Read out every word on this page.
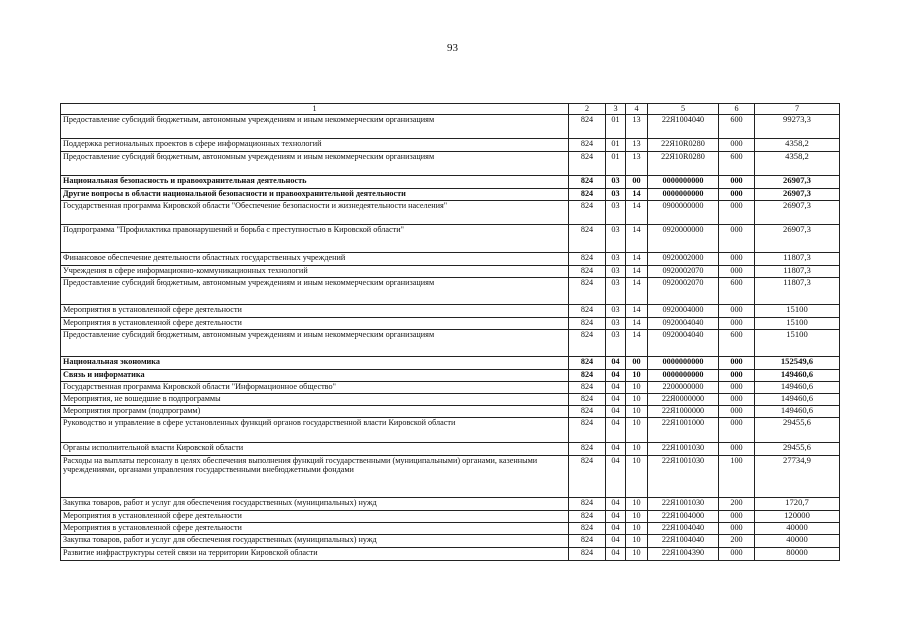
93
1	2	3	4	5	6	7
Предоставление субсидий бюджетным, автономным учреждениям и иным некоммерческим организациям	824	01	13	22Я1004040	600	99273,3
Поддержка региональных проектов в сфере информационных технологий	824	01	13	22Я10R0280	000	4358,2
Предоставление субсидий бюджетным, автономным учреждениям и иным некоммерческим организациям	824	01	13	22Я10R0280	600	4358,2
Национальная безопасность и правоохранительная деятельность	824	03	00	0000000000	000	26907,3
Другие вопросы в области национальной безопасности и правоохранительной деятельности	824	03	14	0000000000	000	26907,3
Государственная программа Кировской области "Обеспечение безопасности и жизнедеятельности населения"	824	03	14	0900000000	000	26907,3
Подпрограмма "Профилактика правонарушений и борьба с преступностью в Кировской области"	824	03	14	0920000000	000	26907,3
Финансовое обеспечение деятельности областных государственных учреждений	824	03	14	0920002000	000	11807,3
Учреждения в сфере информационно-коммуникационных технологий	824	03	14	0920002070	000	11807,3
Предоставление субсидий бюджетным, автономным учреждениям и иным некоммерческим организациям	824	03	14	0920002070	600	11807,3
Мероприятия в установленной сфере деятельности	824	03	14	0920004000	000	15100
Мероприятия в установленной сфере деятельности	824	03	14	0920004040	000	15100
Предоставление субсидий бюджетным, автономным учреждениям и иным некоммерческим организациям	824	03	14	0920004040	600	15100
Национальная экономика	824	04	00	0000000000	000	152549,6
Связь и информатика	824	04	10	0000000000	000	149460,6
Государственная программа Кировской области "Информационное общество"	824	04	10	2200000000	000	149460,6
Мероприятия, не вошедшие в подпрограммы	824	04	10	22Я0000000	000	149460,6
Мероприятия программ (подпрограмм)	824	04	10	22Я1000000	000	149460,6
Руководство и управление в сфере установленных функций органов государственной власти Кировской области	824	04	10	22Я1001000	000	29455,6
Органы исполнительной власти Кировской области	824	04	10	22Я1001030	000	29455,6
Расходы на выплаты персоналу в целях обеспечения выполнения функций государственными (муниципальными) органами, казенными учреждениями, органами управления государственными внебюджетными фондами	824	04	10	22Я1001030	100	27734,9
Закупка товаров, работ и услуг для обеспечения государственных (муниципальных) нужд	824	04	10	22Я1001030	200	1720,7
Мероприятия в установленной сфере деятельности	824	04	10	22Я1004000	000	120000
Мероприятия в установленной сфере деятельности	824	04	10	22Я1004040	000	40000
Закупка товаров, работ и услуг для обеспечения государственных (муниципальных) нужд	824	04	10	22Я1004040	200	40000
Развитие инфраструктуры сетей связи на территории Кировской области	824	04	10	22Я1004390	000	80000
